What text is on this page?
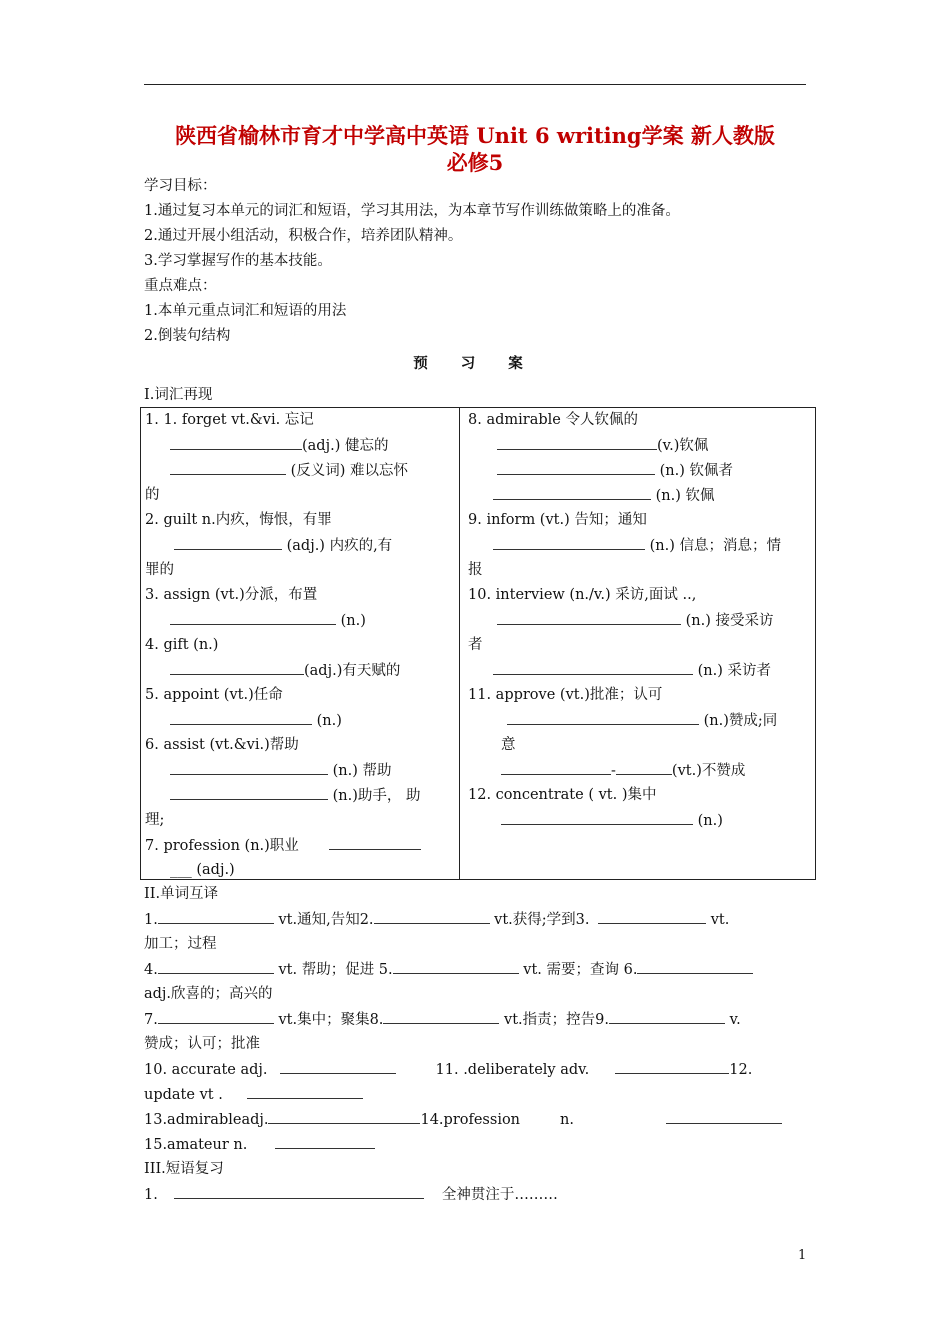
陕西省榆林市育才中学高中英语 Unit 6 writing学案 新人教版
必修5
学习目标：
1.通过复习本单元的词汇和短语，学习其用法，为本章节写作训练做策略上的准备。
2.通过开展小组活动，积极合作，培养团队精神。
3.学习掌握写作的基本技能。
重点难点：
1.本单元重点词汇和短语的用法
2.倒装句结构
预 习 案
I.词汇再现
1. 1. forget vt.&vi. 忘记
(adj.) 健忘的
(反义词) 难以忘怀
的
2. guilt n.内疚，悔恨，有罪
(adj.) 内疚的,有
罪的
3. assign (vt.)分派，布置
(n.)
4. gift (n.)
(adj.)有天赋的
5. appoint (vt.)任命
(n.)
6. assist (vt.&vi.)帮助
(n.) 帮助
(n.)助手， 助
理;
7. profession (n.)职业
___ (adj.)
8. admirable 令人钦佩的
(v.)钦佩
(n.) 钦佩者
(n.) 钦佩
9. inform (vt.) 告知；通知
(n.) 信息；消息；情
报
10. interview (n./v.) 采访,面试 ..,
(n.) 接受采访
者
(n.) 采访者
11. approve (vt.)批准；认可
(n.)赞成;同
意
-	(vt.)不赞成
12. concentrate ( vt. )集中
(n.)
II.单词互译
1.	vt.通知,告知2.	vt.获得;学到3.	vt.
加工；过程
4.	vt. 帮助；促进 5.	vt. 需要；查询 6.
adj.欣喜的；高兴的
7.	vt.集中；聚集8.	vt.指责；控告9.	v.
赞成；认可；批准
10. accurate adj.	11. .deliberately adv.	12.
update vt .
13.admirableadj.	14.profession	n.
15.amateur n.
III.短语复习
1.	全神贯注于………
1
